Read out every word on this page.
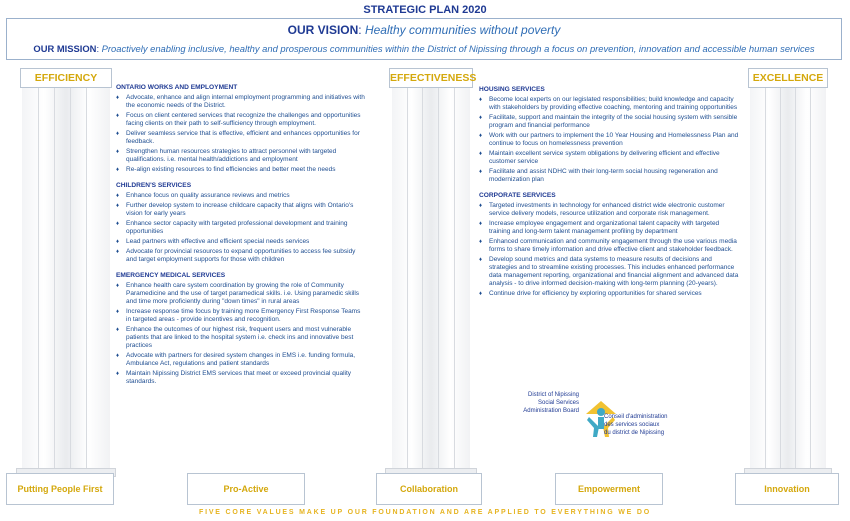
STRATEGIC PLAN 2020
OUR VISION: Healthy communities without poverty
OUR MISSION: Proactively enabling inclusive, healthy and prosperous communities within the District of Nipissing through a focus on prevention, innovation and accessible human services
EFFICIENCY	EFFECTIVENESS	EXCELLENCE
ONTARIO WORKS AND EMPLOYMENT
♦ Advocate, enhance and align internal employment programming and initiatives with the economic needs of the District.
♦ Focus on client centered services that recognize the challenges and opportunities facing clients on their path to self-sufficiency through employment.
♦ Deliver seamless service that is effective, efficient and enhances opportunities for feedback.
♦ Strengthen human resources strategies to attract personnel with targeted qualifications. i.e. mental health/addictions and employment
♦ Re-align existing resources to find efficiencies and better meet the needs
CHILDREN'S SERVICES
♦ Enhance focus on quality assurance reviews and metrics
♦ Further develop system to increase childcare capacity that aligns with Ontario's vision for early years
♦ Enhance sector capacity with targeted professional development and training opportunities
♦ Lead partners with effective and efficient special needs services
♦ Advocate for provincial resources to expand opportunities to access fee subsidy and target employment supports for those with children
EMERGENCY MEDICAL SERVICES
♦ Enhance health care system coordination by growing the role of Community Paramedicine and the use of target paramedical skills. i.e. Using paramedic skills and time more proficiently during "down times" in rural areas
♦ Increase response time focus by training more Emergency First Response Teams in targeted areas - provide incentives and recognition.
♦ Enhance the outcomes of our highest risk, frequent users and most vulnerable patients that are linked to the hospital system i.e. check ins and innovative best practices
♦ Advocate with partners for desired system changes in EMS i.e. funding formula, Ambulance Act, regulations and patient standards
♦ Maintain Nipissing District EMS services that meet or exceed provincial quality standards.
HOUSING SERVICES
♦ Become local experts on our legislated responsibilities; build knowledge and capacity with stakeholders by providing effective coaching, mentoring and training opportunities
♦ Facilitate, support and maintain the integrity of the social housing system with sensible program and financial performance
♦ Work with our partners to implement the 10 Year Housing and Homelessness Plan and continue to focus on homelessness prevention
♦ Maintain excellent service system obligations by delivering efficient and effective customer service
♦ Facilitate and assist NDHC with their long-term social housing regeneration and modernization plan
CORPORATE SERVICES
♦ Targeted investments in technology for enhanced district wide electronic customer service delivery models, resource utilization and corporate risk management.
♦ Increase employee engagement and organizational talent capacity with targeted training and long-term talent management profiling by department
♦ Enhanced communication and community engagement through the use various media forms to share timely information and drive effective client and stakeholder feedback.
♦ Develop sound metrics and data systems to measure results of decisions and strategies and to streamline existing processes. This includes enhanced performance data management reporting, organizational and financial alignment and advanced data analysis - to drive informed decision-making with long-term planning (20-years).
♦ Continue drive for efficiency by exploring opportunities for shared services
District of Nipissing
Social Services
Administration Board
Conseil d'administration
des services sociaux
du district de Nipissing
Putting People First	Pro-Active	Collaboration	Empowerment	Innovation
FIVE CORE VALUES MAKE UP OUR FOUNDATION AND ARE APPLIED TO EVERYTHING WE DO
